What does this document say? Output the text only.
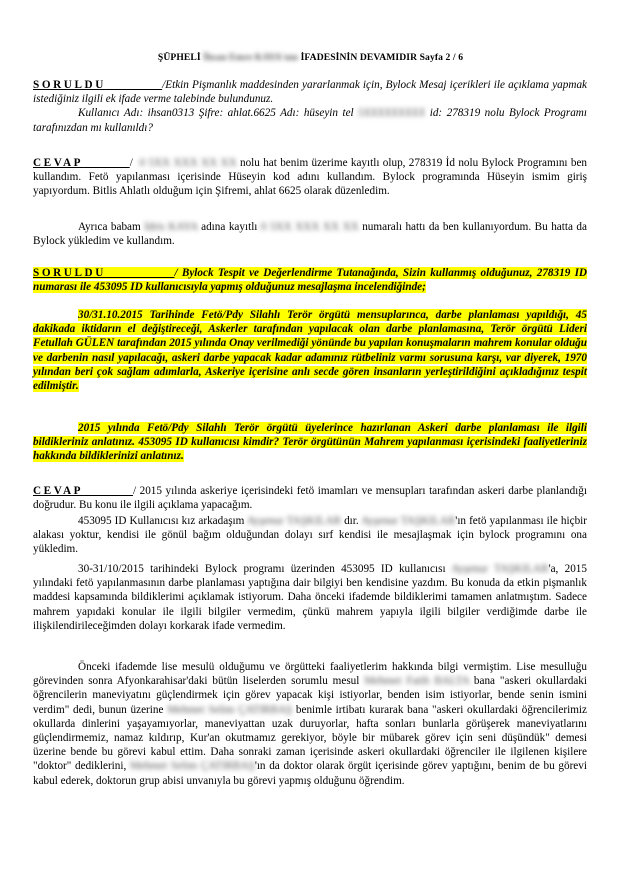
ŞÜPHELİ İhsan Emre KAYA'nın İFADESİNİN DEVAMIDIR Sayfa 2 / 6

SORULDU	/Etkin Pişmanlık maddesinden yararlanmak için, Bylock Mesaj içerikleri ile açıklama yapmak istediğiniz ilgili ek ifade verme talebinde bulundunuz.
Kullanıcı Adı: ihsan0313 Şifre: ahlat.6625 Adı: hüseyin tel 5XXXXXXXXX id: 278319 nolu Bylock Programı tarafınızdan mı kullanıldı?

CEVAP	/  0 5XX XXX XX XX nolu hat benim üzerime kayıtlı olup, 278319 İd nolu Bylock Programını ben kullandım. Fetö yapılanması içerisinde Hüseyin kod adını kullandım. Bylock programında Hüseyin ismim giriş yapıyordum. Bitlis Ahlatlı olduğum için Şifremi, ahlat 6625 olarak düzenledim.

Ayrıca babam İdris KAYA adına kayıtlı 0 5XX XXX XX XX numaralı hattı da ben kullanıyordum. Bu hatta da Bylock yükledim ve kullandım.

SORULDU	/ Bylock Tespit ve Değerlendirme Tutanağında, Sizin kullanmış olduğunuz, 278319 ID numarası ile 453095 ID kullanıcısıyla yapmış olduğunuz mesajlaşma incelendiğinde;

30/31.10.2015 Tarihinde Fetö/Pdy Silahlı Terör örgütü mensuplarınca, darbe planlaması yapıldığı, 45 dakikada iktidarın el değiştireceği, Askerler tarafından yapılacak olan darbe planlamasına, Terör örgütü Lideri Fetullah GÜLEN tarafından 2015 yılında Onay verilmediği yönünde bu yapılan konuşmaların mahrem konular olduğu ve darbenin nasıl yapılacağı, askeri darbe yapacak kadar adamınız rütbeliniz varmı sorusuna karşı, var diyerek, 1970 yılından beri çok sağlam adımlarla, Askeriye içerisine anlı secde gören insanların yerleştirildiğini açıkladığınız tespit edilmiştir.

2015 yılında Fetö/Pdy Silahlı Terör örgütü üyelerince hazırlanan Askeri darbe planlaması ile ilgili bildikleriniz anlatınız. 453095 ID kullanıcısı kimdir? Terör örgütünün Mahrem yapılanması içerisindeki faaliyetleriniz hakkında bildiklerinizi anlatınız.

CEVAP	/ 2015 yılında askeriye içerisindeki fetö imamları ve mensupları tarafından askeri darbe planlandığı doğrudur. Bu konu ile ilgili açıklama yapacağım.

453095 ID Kullanıcısı kız arkadaşım Ayşenur TAŞKILAR dır. Ayşenur TAŞKILAR'ın fetö yapılanması ile hiçbir alakası yoktur, kendisi ile gönül bağım olduğundan dolayı sırf kendisi ile mesajlaşmak için bylock programını ona yükledim.

30-31/10/2015 tarihindeki Bylock programı üzerinden 453095 ID kullanıcısı Ayşenur TAŞKILAR'a, 2015 yılındaki fetö yapılanmasının darbe planlaması yaptığına dair bilgiyi ben kendisine yazdım. Bu konuda da etkin pişmanlık maddesi kapsamında bildiklerimi açıklamak istiyorum. Daha önceki ifademde bildiklerimi tamamen anlatmıştım. Sadece mahrem yapıdaki konular ile ilgili bilgiler vermedim, çünkü mahrem yapıyla ilgili bilgiler verdiğimde darbe ile ilişkilendirileceğimden dolayı korkarak ifade vermedim.

Önceki ifademde lise mesulü olduğumu ve örgütteki faaliyetlerim hakkında bilgi vermiştim. Lise mesulluğu görevinden sonra Afyonkarahisar'daki bütün liselerden sorumlu mesul Mehmet Fatih BALTA bana "askeri okullardaki öğrencilerin maneviyatını güçlendirmek için görev yapacak kişi istiyorlar, benden isim istiyorlar, bende senin ismini verdim" dedi, bunun üzerine Mehmet Selim ÇATIRBAŞ benimle irtibatı kurarak bana "askeri okullardaki öğrencilerimiz okullarda dinlerini yaşayamıyorlar, maneviyattan uzak duruyorlar, hafta sonları bunlarla görüşerek maneviyatlarını güçlendirmemiz, namaz kıldırıp, Kur'an okutmamız gerekiyor, böyle bir mübarek görev için seni düşündük" demesi üzerine bende bu görevi kabul ettim. Daha sonraki zaman içerisinde askeri okullardaki öğrenciler ile ilgilenen kişilere "doktor" dediklerini, Mehmet Selim ÇATIRBAŞ'ın da doktor olarak örgüt içerisinde görev yaptığını, benim de bu görevi kabul ederek, doktorun grup abisi unvanıyla bu görevi yapmış olduğunu öğrendim.
